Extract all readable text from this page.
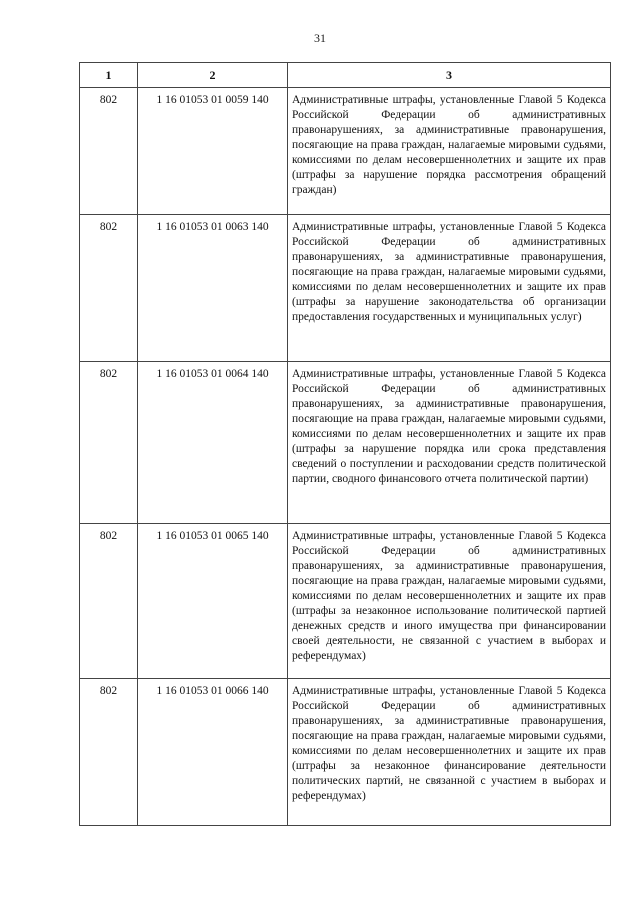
31
1	2	3
802	1 16 01053 01 0059 140	Административные штрафы, установленные Главой 5 Кодекса Российской Федерации об административных правонарушениях, за административные правонарушения, посягающие на права граждан, налагаемые мировыми судьями, комиссиями по делам несовершеннолетних и защите их прав (штрафы за нарушение порядка рассмотрения обращений граждан)
802	1 16 01053 01 0063 140	Административные штрафы, установленные Главой 5 Кодекса Российской Федерации об административных правонарушениях, за административные правонарушения, посягающие на права граждан, налагаемые мировыми судьями, комиссиями по делам несовершеннолетних и защите их прав (штрафы за нарушение законодательства об организации предоставления государственных и муниципальных услуг)
802	1 16 01053 01 0064 140	Административные штрафы, установленные Главой 5 Кодекса Российской Федерации об административных правонарушениях, за административные правонарушения, посягающие на права граждан, налагаемые мировыми судьями, комиссиями по делам несовершеннолетних и защите их прав (штрафы за нарушение порядка или срока представления сведений о поступлении и расходовании средств политической партии, сводного финансового отчета политической партии)
802	1 16 01053 01 0065 140	Административные штрафы, установленные Главой 5 Кодекса Российской Федерации об административных правонарушениях, за административные правонарушения, посягающие на права граждан, налагаемые мировыми судьями, комиссиями по делам несовершеннолетних и защите их прав (штрафы за незаконное использование политической партией денежных средств и иного имущества при финансировании своей деятельности, не связанной с участием в выборах и референдумах)
802	1 16 01053 01 0066 140	Административные штрафы, установленные Главой 5 Кодекса Российской Федерации об административных правонарушениях, за административные правонарушения, посягающие на права граждан, налагаемые мировыми судьями, комиссиями по делам несовершеннолетних и защите их прав (штрафы за незаконное финансирование деятельности политических партий, не связанной с участием в выборах и референдумах)
